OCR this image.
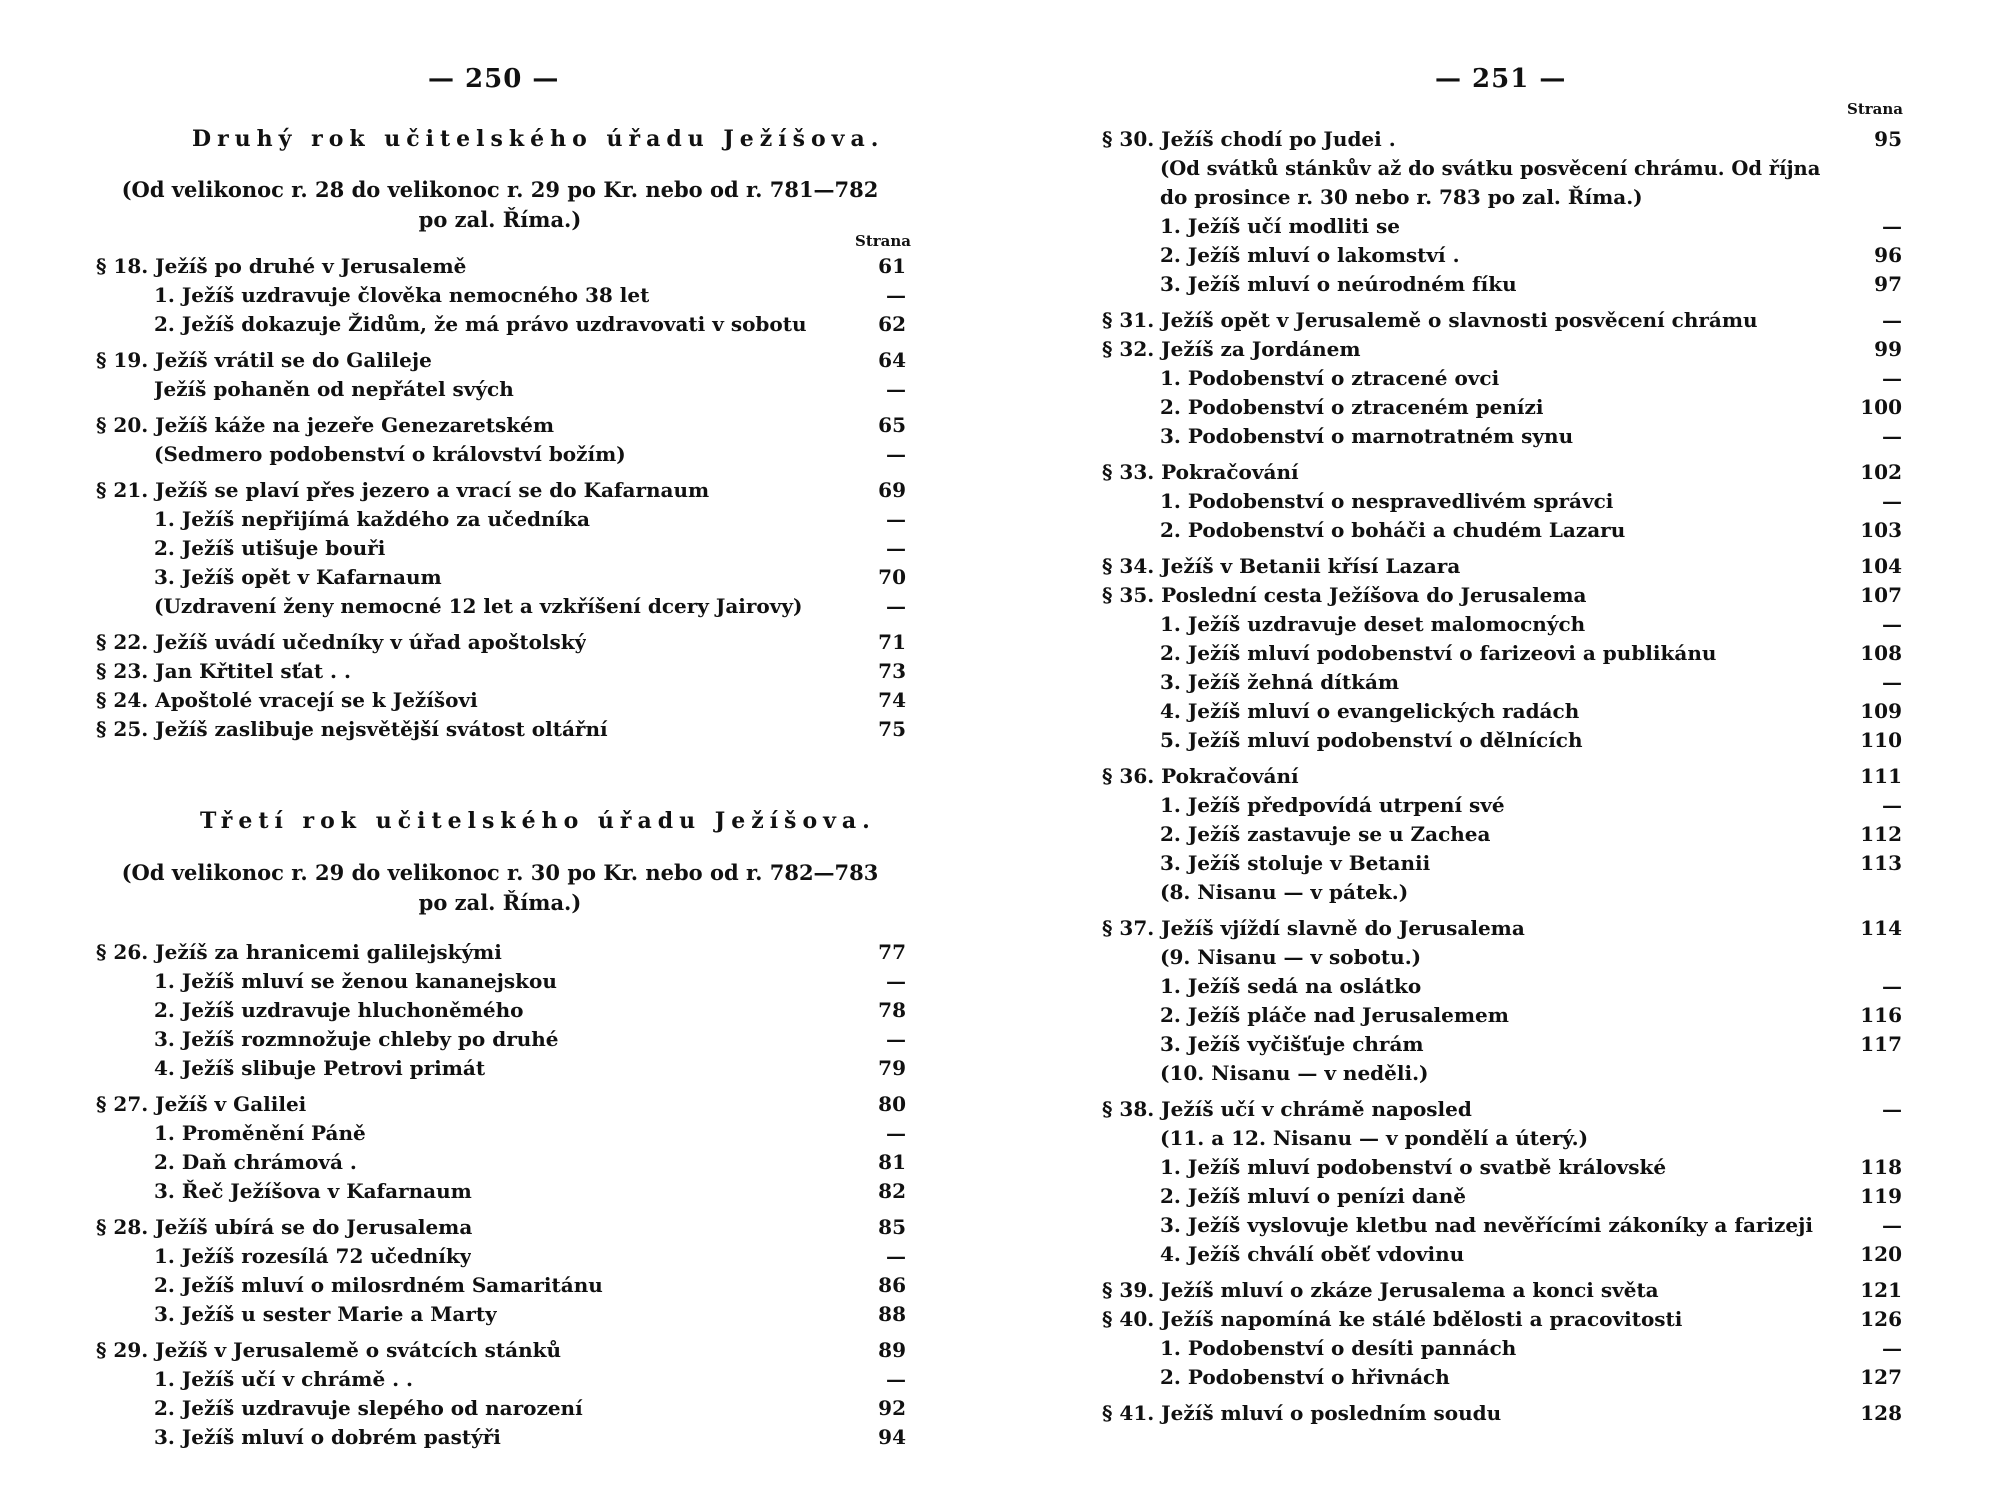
— 250 —
Druhý rok učitelského úřadu Ježíšova.
(Od velikonoc r. 28 do velikonoc r. 29 po Kr. nebo od r. 781—782
po zal. Říma.)
Strana
§ 18. Ježíš po druhé v Jerusalemě	61
1. Ježíš uzdravuje člověka nemocného 38 let	—
2. Ježíš dokazuje Židům, že má právo uzdravovati v sobotu	62
§ 19. Ježíš vrátil se do Galileje	64
Ježíš pohaněn od nepřátel svých	—
§ 20. Ježíš káže na jezeře Genezaretském	65
(Sedmero podobenství o království božím)	—
§ 21. Ježíš se plaví přes jezero a vrací se do Kafarnaum	69
1. Ježíš nepřijímá každého za učedníka	—
2. Ježíš utišuje bouři	—
3. Ježíš opět v Kafarnaum	70
(Uzdravení ženy nemocné 12 let a vzkříšení dcery Jairovy)	—
§ 22. Ježíš uvádí učedníky v úřad apoštolský	71
§ 23. Jan Křtitel sťat . .	73
§ 24. Apoštolé vracejí se k Ježíšovi	74
§ 25. Ježíš zaslibuje nejsvětější svátost oltářní	75
Třetí rok učitelského úřadu Ježíšova.
(Od velikonoc r. 29 do velikonoc r. 30 po Kr. nebo od r. 782—783
po zal. Říma.)
§ 26. Ježíš za hranicemi galilejskými	77
1. Ježíš mluví se ženou kananejskou	—
2. Ježíš uzdravuje hluchoněmého	78
3. Ježíš rozmnožuje chleby po druhé	—
4. Ježíš slibuje Petrovi primát	79
§ 27. Ježíš v Galilei	80
1. Proměnění Páně	—
2. Daň chrámová .	81
3. Řeč Ježíšova v Kafarnaum	82
§ 28. Ježíš ubírá se do Jerusalema	85
1. Ježíš rozesílá 72 učedníky	—
2. Ježíš mluví o milosrdném Samaritánu	86
3. Ježíš u sester Marie a Marty	88
§ 29. Ježíš v Jerusalemě o svátcích stánků	89
1. Ježíš učí v chrámě . .	—
2. Ježíš uzdravuje slepého od narození	92
3. Ježíš mluví o dobrém pastýři	94
— 251 —
Strana
§ 30. Ježíš chodí po Judei .	95
(Od svátků stánkův až do svátku posvěcení chrámu. Od října
do prosince r. 30 nebo r. 783 po zal. Říma.)
1. Ježíš učí modliti se	—
2. Ježíš mluví o lakomství .	96
3. Ježíš mluví o neúrodném fíku	97
§ 31. Ježíš opět v Jerusalemě o slavnosti posvěcení chrámu	—
§ 32. Ježíš za Jordánem	99
1. Podobenství o ztracené ovci	—
2. Podobenství o ztraceném penízi	100
3. Podobenství o marnotratném synu	—
§ 33. Pokračování	102
1. Podobenství o nespravedlivém správci	—
2. Podobenství o boháči a chudém Lazaru	103
§ 34. Ježíš v Betanii křísí Lazara	104
§ 35. Poslední cesta Ježíšova do Jerusalema	107
1. Ježíš uzdravuje deset malomocných	—
2. Ježíš mluví podobenství o farizeovi a publikánu	108
3. Ježíš žehná dítkám	—
4. Ježíš mluví o evangelických radách	109
5. Ježíš mluví podobenství o dělnících	110
§ 36. Pokračování	111
1. Ježíš předpovídá utrpení své	—
2. Ježíš zastavuje se u Zachea	112
3. Ježíš stoluje v Betanii	113
(8. Nisanu — v pátek.)
§ 37. Ježíš vjíždí slavně do Jerusalema	114
(9. Nisanu — v sobotu.)
1. Ježíš sedá na oslátko	—
2. Ježíš pláče nad Jerusalemem	116
3. Ježíš vyčišťuje chrám	117
(10. Nisanu — v neděli.)
§ 38. Ježíš učí v chrámě naposled	—
(11. a 12. Nisanu — v pondělí a úterý.)
1. Ježíš mluví podobenství o svatbě královské	118
2. Ježíš mluví o penízi daně	119
3. Ježíš vyslovuje kletbu nad nevěřícími zákoníky a farizeji	—
4. Ježíš chválí oběť vdovinu	120
§ 39. Ježíš mluví o zkáze Jerusalema a konci světa	121
§ 40. Ježíš napomíná ke stálé bdělosti a pracovitosti	126
1. Podobenství o desíti pannách	—
2. Podobenství o hřivnách	127
§ 41. Ježíš mluví o posledním soudu	128
